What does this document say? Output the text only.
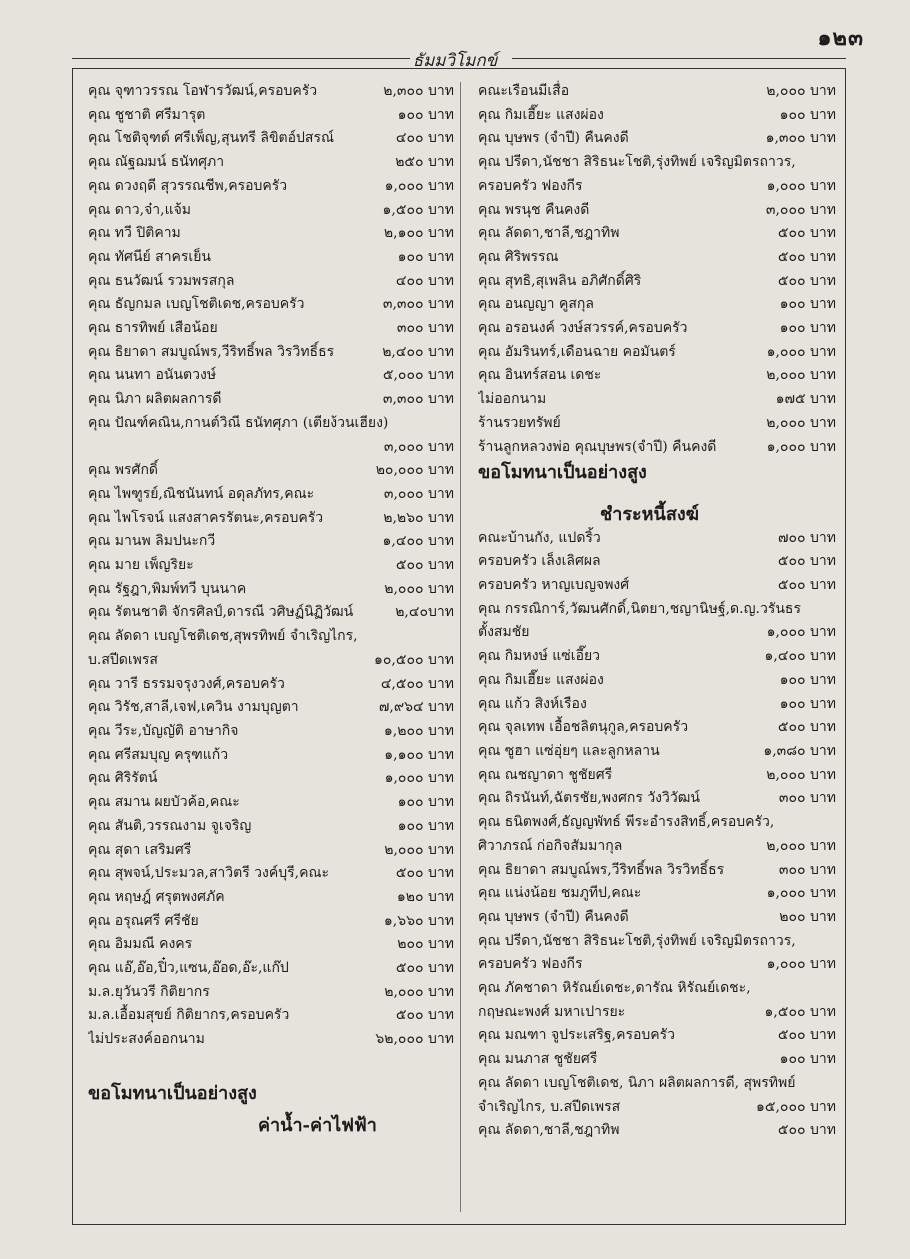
๑๒๓
ธัมมวิโมกข์
คุณ จุฑาวรรณ โอฬารวัฒน์,ครอบครัว	๒,๓๐๐ บาท
คุณ ชูชาติ ศรีมารุต	๑๐๐ บาท
คุณ โชติจุฑต์ ศรีเพ็ญ,สุนทรี ลิขิตอ์ปสรณ์	๔๐๐ บาท
คุณ ณัฐฌมน์ ธนัทศุภา	๒๕๐ บาท
คุณ ดวงฤดี สุวรรณชีพ,ครอบครัว	๑,๐๐๐ บาท
คุณ ดาว,จ๋า,แจ้ม	๑,๕๐๐ บาท
คุณ ทวี ปิติคาม	๒,๑๐๐ บาท
คุณ ทัศนีย์ สาครเย็น	๑๐๐ บาท
คุณ ธนวัฒน์ รวมพรสกุล	๔๐๐ บาท
คุณ ธัญกมล เบญโชติเดช,ครอบครัว	๓,๓๐๐ บาท
คุณ ธารทิพย์ เสือน้อย	๓๐๐ บาท
คุณ ธิยาดา สมบูณ์พร,วีริทธิ์พล วิรวิทธิ์ธร	๒,๔๐๐ บาท
คุณ นนทา อนันตวงษ์	๕,๐๐๐ บาท
คุณ นิภา ผลิตผลการดี	๓,๓๐๐ บาท
คุณ ปัณฑ์คณิน,กานต์วิณี ธนัทศุภา (เตียง้วนเฮียง)
๓,๐๐๐ บาท
คุณ พรศักดิ์	๒๐,๐๐๐ บาท
คุณ ไพฑูรย์,ณิชนันทน์ อดุลภัทร,คณะ	๓,๐๐๐ บาท
คุณ ไพโรจน์ แสงสาครรัตนะ,ครอบครัว	๒,๒๖๐ บาท
คุณ มานพ ลิมปนะกวี	๑,๔๐๐ บาท
คุณ มาย เพ็ญริยะ	๕๐๐ บาท
คุณ รัฐฎา,พิมพ์ทวี บุนนาค	๒,๐๐๐ บาท
คุณ รัตนชาติ จักรศิลป์,ดารณี วศิษฏ์นิฏิวัฒน์	๒,๔๐บาท
คุณ ลัดดา เบญโชติเดช,สุพรทิพย์ จำเริญไกร,
บ.สปีดเพรส	๑๐,๕๐๐ บาท
คุณ วารี ธรรมจรุงวงศ์,ครอบครัว	๔,๕๐๐ บาท
คุณ วิรัช,สาลี,เจฟ,เควิน งามบุญตา	๗,๙๖๔ บาท
คุณ วีระ,บัญญัติ อาษากิจ	๑,๒๐๐ บาท
คุณ ศรีสมบุญ ครุฑแก้ว	๑,๑๐๐ บาท
คุณ ศิริรัตน์	๑,๐๐๐ บาท
คุณ สมาน ผยบัวค้อ,คณะ	๑๐๐ บาท
คุณ สันติ,วรรณงาม จูเจริญ	๑๐๐ บาท
คุณ สุดา เสริมศรี	๒,๐๐๐ บาท
คุณ สุพจน์,ประมวล,สาวิตรี วงค์บุรี,คณะ	๕๐๐ บาท
คุณ หฤษฎ์ ศรุตพงศภัค	๑๒๐ บาท
คุณ อรุณศรี ศรีชัย	๑,๖๖๐ บาท
คุณ อิมมณี คงคร	๒๐๐ บาท
คุณ แอ๊,อ๊อ,ปิ๋ว,แซน,อ๊อด,อ๊ะ,แก๊ป	๕๐๐ บาท
ม.ล.ยุวันวรี กิติยากร	๒,๐๐๐ บาท
ม.ล.เอื้อมสุขย์ กิติยากร,ครอบครัว	๕๐๐ บาท
ไม่ประสงค์ออกนาม	๖๒,๐๐๐ บาท
ขอโมทนาเป็นอย่างสูง
ค่าน้ำ-ค่าไฟฟ้า
คณะเรือนมีเสื่อ	๒,๐๐๐ บาท
คุณ กิมเฮี๊ยะ แสงผ่อง	๑๐๐ บาท
คุณ บุษพร (จำปี) คืนคงดี	๑,๓๐๐ บาท
คุณ ปรีดา,นัชชา สิริธนะโชติ,รุ่งทิพย์ เจริญมิตรถาวร,
ครอบครัว ฟองกีร	๑,๐๐๐ บาท
คุณ พรนุช คืนคงดี	๓,๐๐๐ บาท
คุณ ลัดดา,ชาลี,ชฎาทิพ	๕๐๐ บาท
คุณ ศิริพรรณ	๕๐๐ บาท
คุณ สุทธิ,สุเพลิน อภิศักดิ์ศิริ	๕๐๐ บาท
คุณ อนญญา คูสกุล	๑๐๐ บาท
คุณ อรอนงค์ วงษ์สวรรค์,ครอบครัว	๑๐๐ บาท
คุณ อัมรินทร์,เดือนฉาย คอมันตร์	๑,๐๐๐ บาท
คุณ อินทร์สอน เดชะ	๒,๐๐๐ บาท
ไม่ออกนาม	๑๗๕ บาท
ร้านรวยทรัพย์	๒,๐๐๐ บาท
ร้านลูกหลวงพ่อ คุณบุษพร(จำปี) คืนคงดี	๑,๐๐๐ บาท
ขอโมทนาเป็นอย่างสูง
ชำระหนี้สงฆ์
คณะบ้านกัง, แปดริ้ว	๗๐๐ บาท
ครอบครัว เล็งเลิศผล	๕๐๐ บาท
ครอบครัว หาญเบญจพงศ์	๕๐๐ บาท
คุณ กรรณิการ์,วัฒนศักดิ์,นิตยา,ชญานิษฐ์,ด.ญ.วรันธร
ตั้งสมชัย	๑,๐๐๐ บาท
คุณ กิมหงษ์ แซ่เอี๊ยว	๑,๔๐๐ บาท
คุณ กิมเฮี๊ยะ แสงผ่อง	๑๐๐ บาท
คุณ แก้ว สิงห์เรือง	๑๐๐ บาท
คุณ จุลเทพ เอื้อชลิตนุกูล,ครอบครัว	๕๐๐ บาท
คุณ ซูฮา แซ่อุ่ยๆ และลูกหลาน	๑,๓๘๐ บาท
คุณ ณชญาดา ชูชัยศรี	๒,๐๐๐ บาท
คุณ ถิรนันท์,ฉัตรชัย,พงศกร วังวิวัฒน์	๓๐๐ บาท
คุณ ธนิตพงศ์,ธัญญพัทธ์ พีระอำรงสิทธิ์,ครอบครัว,
ศิวาภรณ์ ก่อกิจสัมมากุล	๒,๐๐๐ บาท
คุณ ธิยาดา สมบูณ์พร,วีริทธิ์พล วิรวิทธิ์ธร	๓๐๐ บาท
คุณ แน่งน้อย ชมภูทีป,คณะ	๑,๐๐๐ บาท
คุณ บุษพร (จำปี) คืนคงดี	๒๐๐ บาท
คุณ ปรีดา,นัชชา สิริธนะโชติ,รุ่งทิพย์ เจริญมิตรถาวร,
ครอบครัว ฟองกีร	๑,๐๐๐ บาท
คุณ ภัคชาดา หิรัณย์เดชะ,ดารัณ หิรัณย์เดชะ,
กฤษณะพงศ์ มหาเปารยะ	๑,๕๐๐ บาท
คุณ มณฑา จูประเสริฐ,ครอบครัว	๕๐๐ บาท
คุณ มนภาส ชูชัยศรี	๑๐๐ บาท
คุณ ลัดดา เบญโชติเดช, นิภา ผลิตผลการดี, สุพรทิพย์
จำเริญไกร, บ.สปีดเพรส	๑๕,๐๐๐ บาท
คุณ ลัดดา,ชาลี,ชฎาทิพ	๕๐๐ บาท
